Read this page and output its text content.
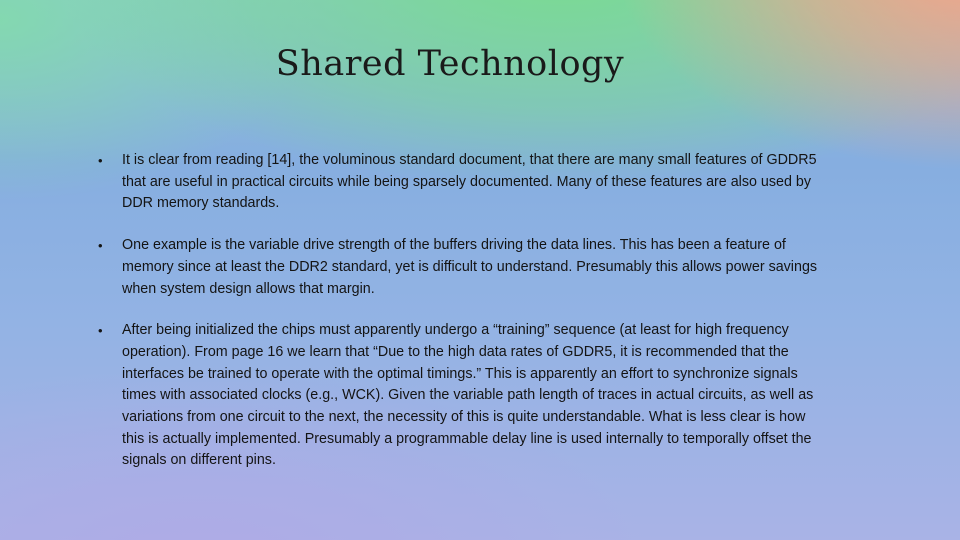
Shared Technology
• It is clear from reading [14], the voluminous standard document, that there are many small features of GDDR5 that are useful in practical circuits while being sparsely documented. Many of these features are also used by DDR memory standards.
• One example is the variable drive strength of the buffers driving the data lines. This has been a feature of memory since at least the DDR2 standard, yet is difficult to understand. Presumably this allows power savings when system design allows that margin.
• After being initialized the chips must apparently undergo a “training” sequence (at least for high frequency operation). From page 16 we learn that “Due to the high data rates of GDDR5, it is recommended that the interfaces be trained to operate with the optimal timings.” This is apparently an effort to synchronize signals times with associated clocks (e.g., WCK). Given the variable path length of traces in actual circuits, as well as variations from one circuit to the next, the necessity of this is quite understandable. What is less clear is how this is actually implemented. Presumably a programmable delay line is used internally to temporally offset the signals on different pins.
